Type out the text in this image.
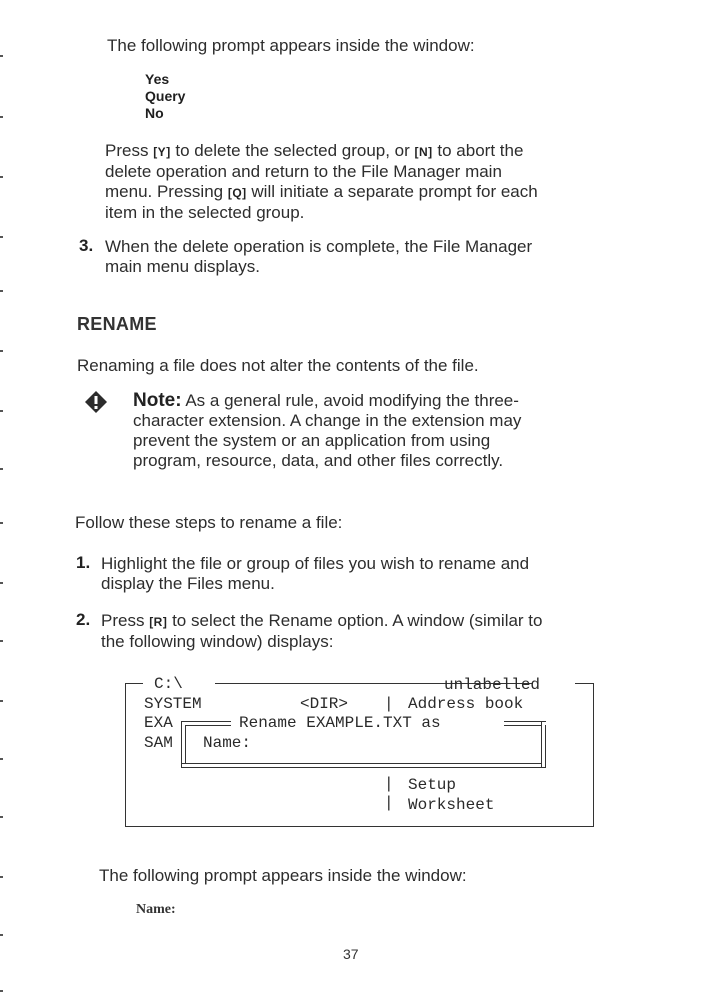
The following prompt appears inside the window:
Yes
Query
No
Press [Y] to delete the selected group, or [N] to abort the
delete operation and return to the File Manager main
menu. Pressing [Q] will initiate a separate prompt for each
item in the selected group.
3. When the delete operation is complete, the File Manager
main menu displays.
RENAME
Renaming a file does not alter the contents of the file.
Note: As a general rule, avoid modifying the three-
character extension. A change in the extension may
prevent the system or an application from using
program, resource, data, and other files correctly.
Follow these steps to rename a file:
1. Highlight the file or group of files you wish to rename and
display the Files menu.
2. Press [R] to select the Rename option. A window (similar to
the following window) displays:
C:\	unlabelled
SYSTEM	<DIR> | Address book
EXA
SAM
Rename EXAMPLE.TXT as
Name:
| Setup
| Worksheet
The following prompt appears inside the window:
Name:
37
